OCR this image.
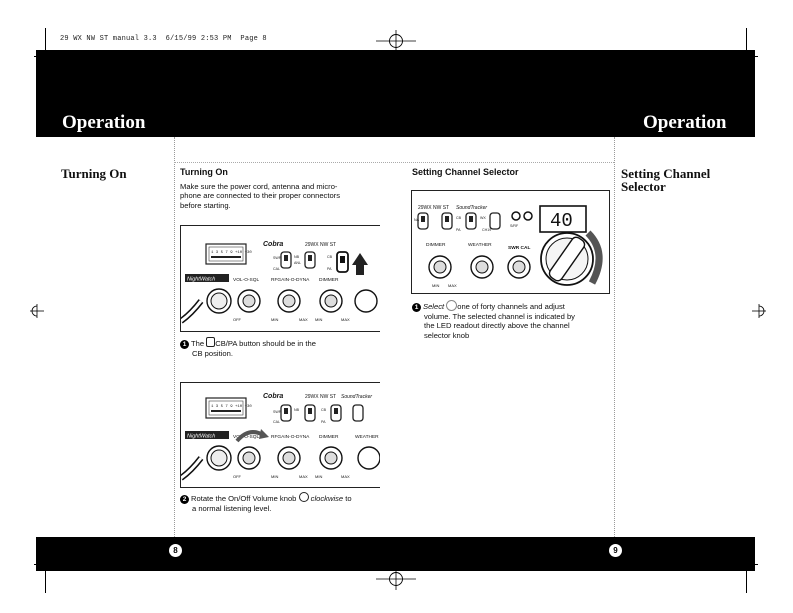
29 WX NW ST manual 3.3  6/15/99 2:53 PM  Page 8
Operation	Operation
Turning On	Turning On
Make sure the power cord, antenna and micro-
phone are connected to their proper connectors
before starting.
1 3 5 7 9 +10 +30
Cobra	29WX NW ST
SWR
CAL
NB
ANL
CB
PA
NightWatch	VOL-O-SQL RFGAIN-O-DYNA DIMMER
OFF	MIN	MAX MIN	MAX
1 The CB/PA button should be in the
CB position.
1 3 5 7 9 +10 +30
Cobra	29WX NW ST SoundTracker
SWR
CAL
NB	CB
PA
NightWatch	VOL-O-SQL RFGAIN-O-DYNA DIMMER	WEATHER
OFF	MIN	MAX MIN	MAX
2 Rotate the On/Off Volume knob clockwise to
a normal listening level.
Setting Channel Selector	Setting Channel
Selector
29WX NW ST SoundTracker
NA	CB
PA
WX
CH19
S/RF 40
DIMMER	WEATHER
SWR CAL
MIN MAX
1 Select one of forty channels and adjust
volume. The selected channel is indicated by
the LED readout directly above the channel
selector knob
8	9
